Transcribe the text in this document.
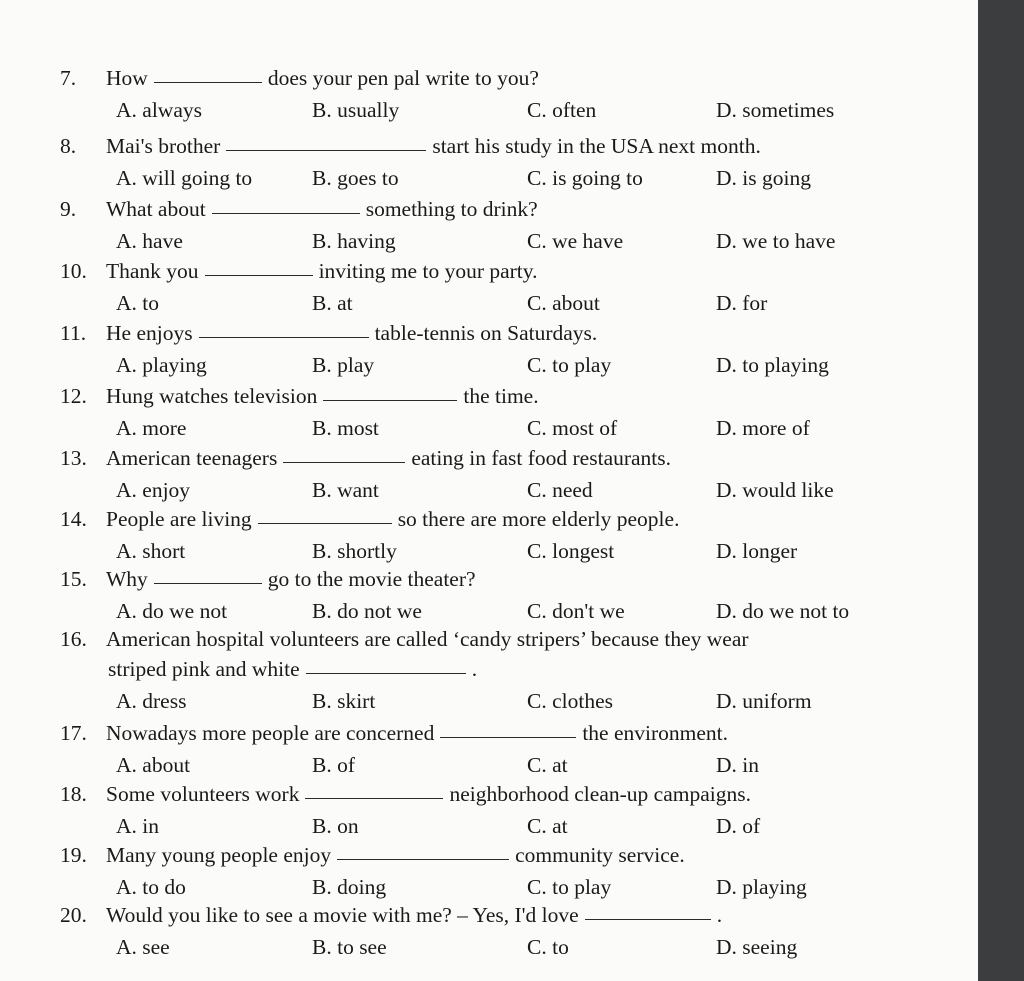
7. How	does your pen pal write to you?
A. always	B. usually	C. often	D. sometimes
8. Mai's brother	start his study in the USA next month.
A. will going to	B. goes to	C. is going to	D. is going
9. What about	something to drink?
A. have	B. having	C. we have	D. we to have
10. Thank you	inviting me to your party.
A. to	B. at	C. about	D. for
11. He enjoys	table-tennis on Saturdays.
A. playing	B. play	C. to play	D. to playing
12. Hung watches television	the time.
A. more	B. most	C. most of	D. more of
13. American teenagers	eating in fast food restaurants.
A. enjoy	B. want	C. need	D. would like
14. People are living	so there are more elderly people.
A. short	B. shortly	C. longest	D. longer
15. Why	go to the movie theater?
A. do we not	B. do not we	C. don't we	D. do we not to
16. American hospital volunteers are called ‘candy stripers’ because they wear
striped pink and white	.
A. dress	B. skirt	C. clothes	D. uniform
17. Nowadays more people are concerned	the environment.
A. about	B. of	C. at	D. in
18. Some volunteers work	neighborhood clean-up campaigns.
A. in	B. on	C. at	D. of
19. Many young people enjoy	community service.
A. to do	B. doing	C. to play	D. playing
20. Would you like to see a movie with me? – Yes, I'd love	.
A. see	B. to see	C. to	D. seeing
